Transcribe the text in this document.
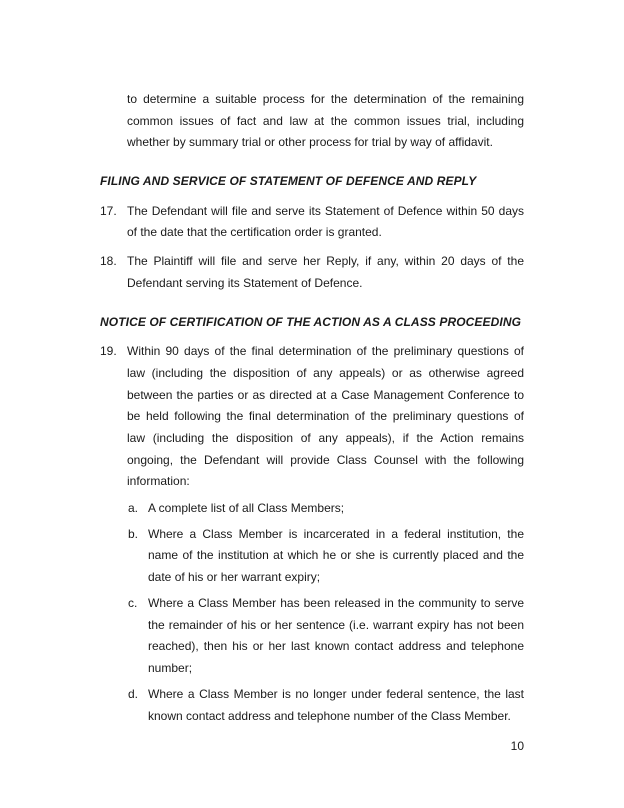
to determine a suitable process for the determination of the remaining
common issues of fact and law at the common issues trial, including
whether by summary trial or other process for trial by way of affidavit.
FILING AND SERVICE OF STATEMENT OF DEFENCE AND REPLY
17. The Defendant will file and serve its Statement of Defence within 50 days
of the date that the certification order is granted.
18. The Plaintiff will file and serve her Reply, if any, within 20 days of the
Defendant serving its Statement of Defence.
NOTICE OF CERTIFICATION OF THE ACTION AS A CLASS PROCEEDING
19. Within 90 days of the final determination of the preliminary questions of
law (including the disposition of any appeals) or as otherwise agreed
between the parties or as directed at a Case Management Conference to
be held following the final determination of the preliminary questions of
law (including the disposition of any appeals), if the Action remains
ongoing, the Defendant will provide Class Counsel with the following
information:
a. A complete list of all Class Members;
b. Where a Class Member is incarcerated in a federal institution, the
name of the institution at which he or she is currently placed and the
date of his or her warrant expiry;
c. Where a Class Member has been released in the community to serve
the remainder of his or her sentence (i.e. warrant expiry has not been
reached), then his or her last known contact address and telephone
number;
d. Where a Class Member is no longer under federal sentence, the last
known contact address and telephone number of the Class Member.
10
